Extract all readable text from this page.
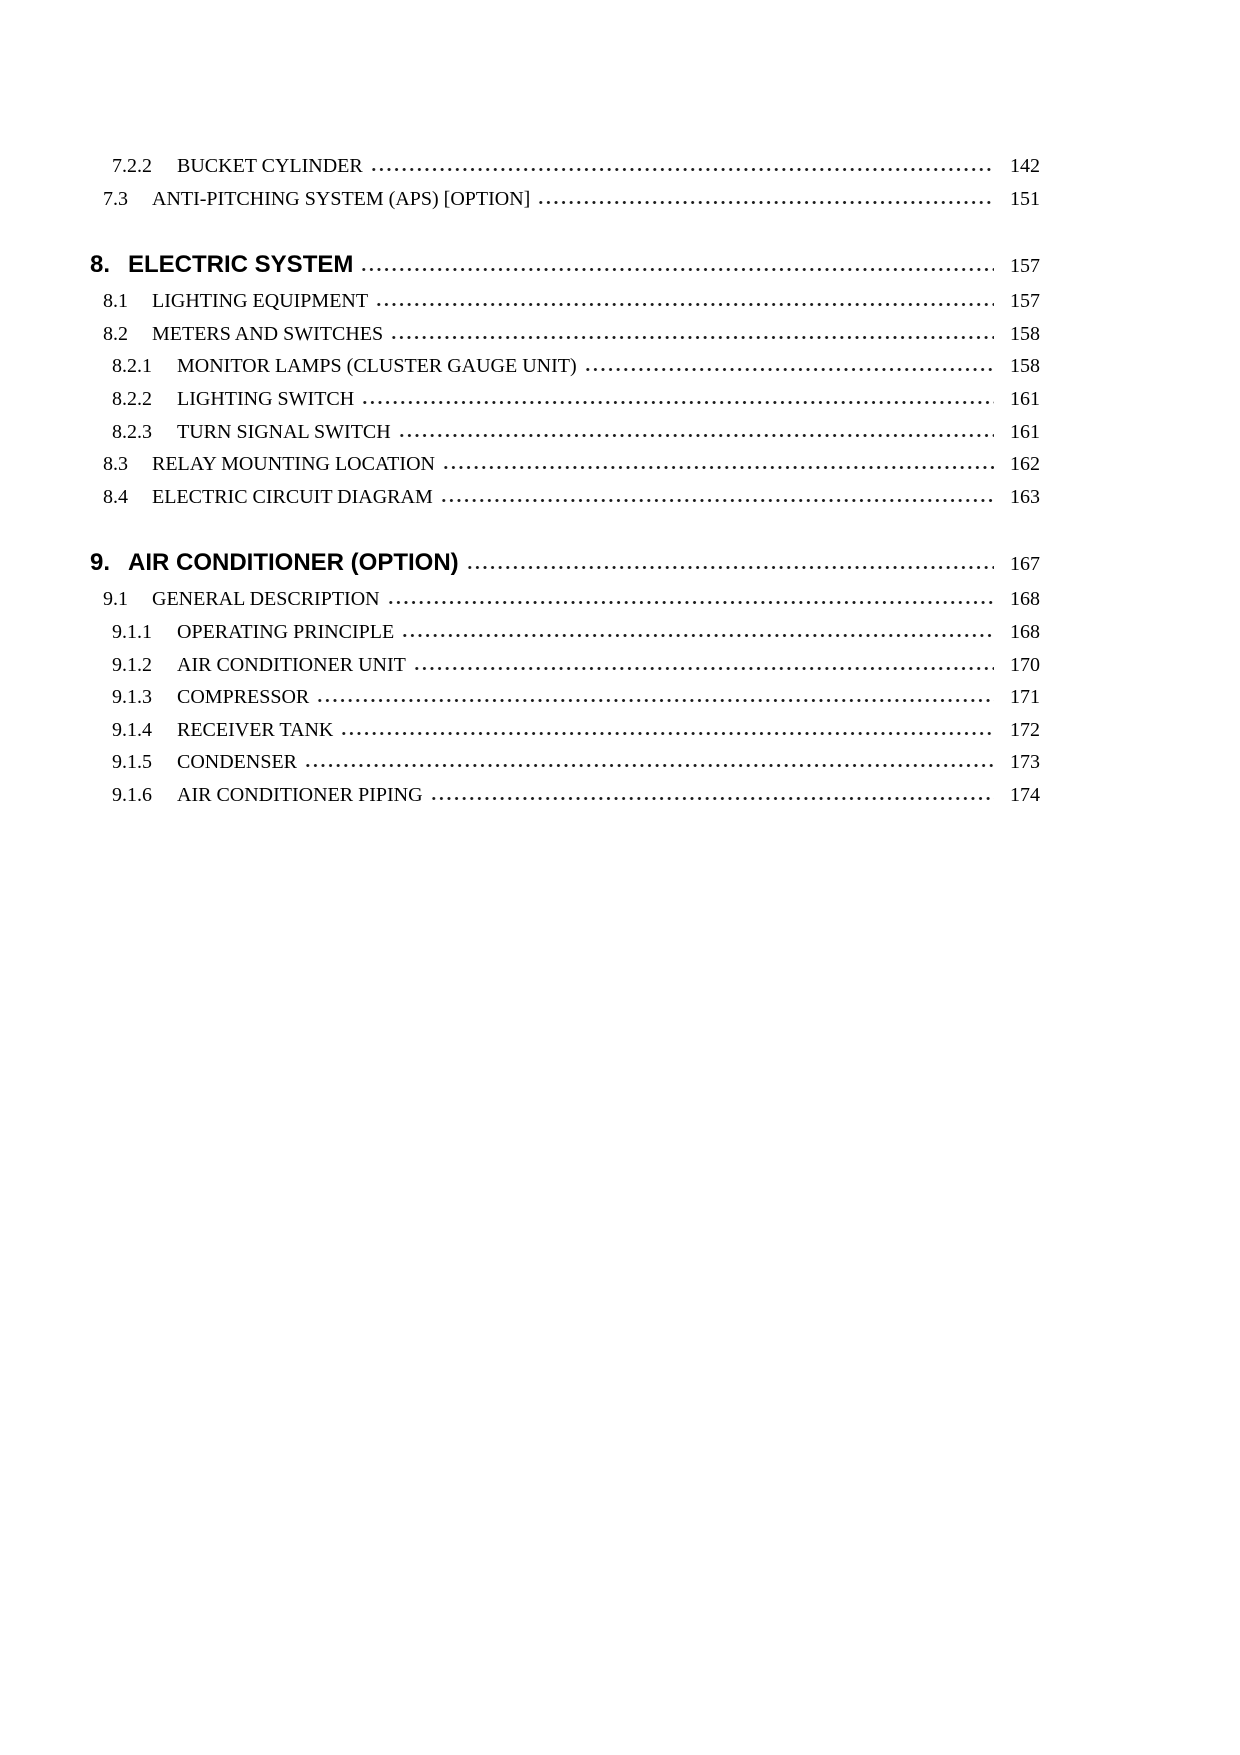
7.2.2	BUCKET CYLINDER	142
7.3	ANTI-PITCHING SYSTEM (APS) [OPTION]	151
8. ELECTRIC SYSTEM	157
8.1	LIGHTING EQUIPMENT	157
8.2	METERS AND SWITCHES	158
8.2.1	MONITOR LAMPS (CLUSTER GAUGE UNIT)	158
8.2.2	LIGHTING SWITCH	161
8.2.3	TURN SIGNAL SWITCH	161
8.3	RELAY MOUNTING LOCATION	162
8.4	ELECTRIC CIRCUIT DIAGRAM	163
9. AIR CONDITIONER (OPTION)	167
9.1	GENERAL DESCRIPTION	168
9.1.1	OPERATING PRINCIPLE	168
9.1.2	AIR CONDITIONER UNIT	170
9.1.3	COMPRESSOR	171
9.1.4	RECEIVER TANK	172
9.1.5	CONDENSER	173
9.1.6	AIR CONDITIONER PIPING	174
